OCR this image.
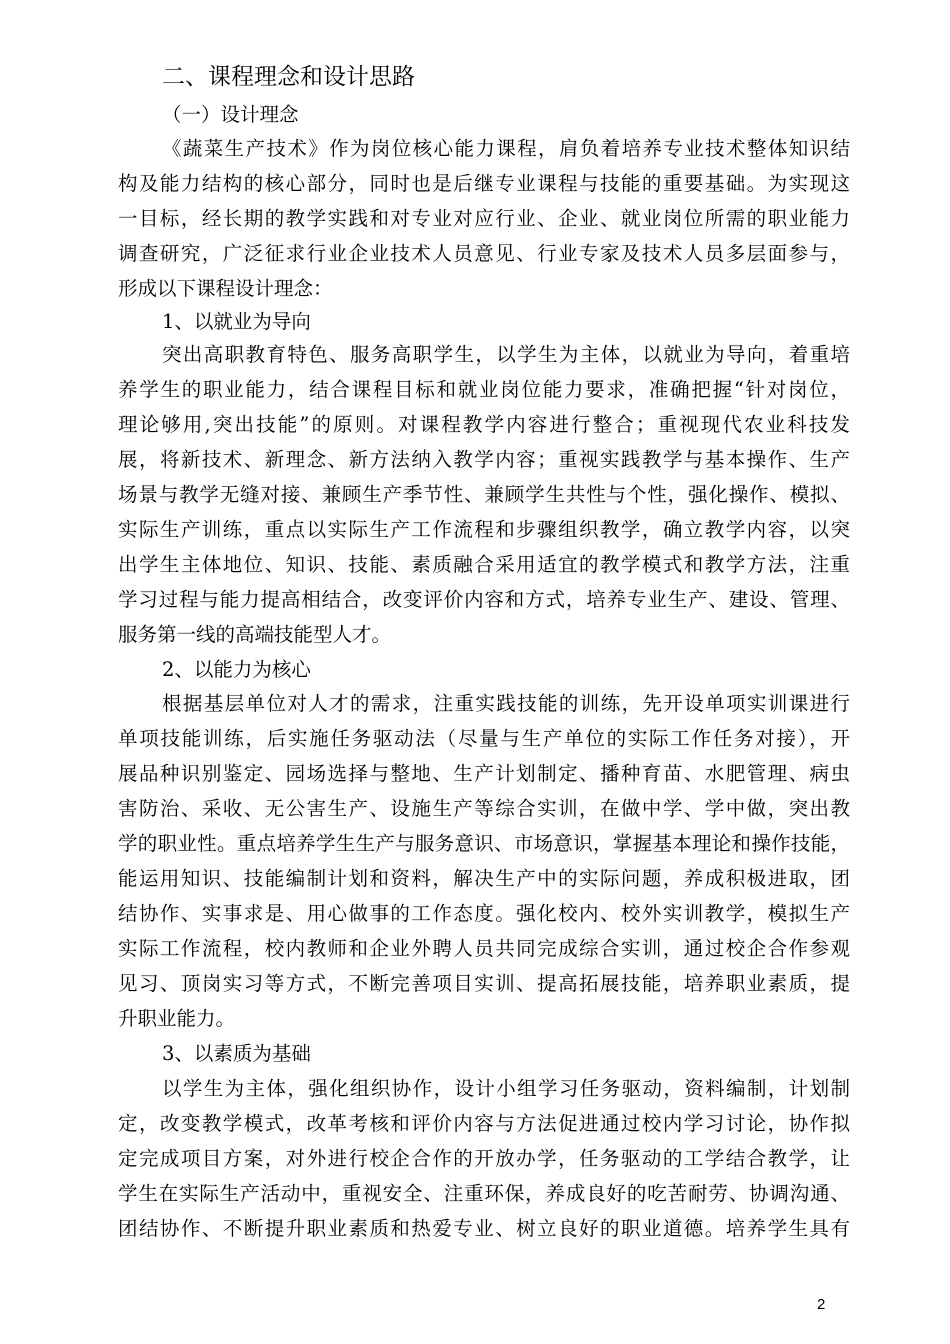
二、课程理念和设计思路
（一）设计理念
《蔬菜生产技术》作为岗位核心能力课程，肩负着培养专业技术整体知识结
构及能力结构的核心部分，同时也是后继专业课程与技能的重要基础。为实现这
一目标，经长期的教学实践和对专业对应行业、企业、就业岗位所需的职业能力
调查研究，广泛征求行业企业技术人员意见、行业专家及技术人员多层面参与，
形成以下课程设计理念：
1、以就业为导向
突出高职教育特色、服务高职学生，以学生为主体，以就业为导向，着重培
养学生的职业能力，结合课程目标和就业岗位能力要求，准确把握“针对岗位，
理论够用,突出技能”的原则。对课程教学内容进行整合；重视现代农业科技发
展，将新技术、新理念、新方法纳入教学内容；重视实践教学与基本操作、生产
场景与教学无缝对接、兼顾生产季节性、兼顾学生共性与个性，强化操作、模拟、
实际生产训练，重点以实际生产工作流程和步骤组织教学，确立教学内容，以突
出学生主体地位、知识、技能、素质融合采用适宜的教学模式和教学方法，注重
学习过程与能力提高相结合，改变评价内容和方式，培养专业生产、建设、管理、
服务第一线的高端技能型人才。
2、以能力为核心
根据基层单位对人才的需求，注重实践技能的训练，先开设单项实训课进行
单项技能训练，后实施任务驱动法（尽量与生产单位的实际工作任务对接），开
展品种识别鉴定、园场选择与整地、生产计划制定、播种育苗、水肥管理、病虫
害防治、采收、无公害生产、设施生产等综合实训，在做中学、学中做，突出教
学的职业性。重点培养学生生产与服务意识、市场意识，掌握基本理论和操作技能，
能运用知识、技能编制计划和资料，解决生产中的实际问题，养成积极进取，团
结协作、实事求是、用心做事的工作态度。强化校内、校外实训教学，模拟生产
实际工作流程，校内教师和企业外聘人员共同完成综合实训，通过校企合作参观
见习、顶岗实习等方式，不断完善项目实训、提高拓展技能，培养职业素质，提
升职业能力。
3、以素质为基础
以学生为主体，强化组织协作，设计小组学习任务驱动，资料编制，计划制
定，改变教学模式，改革考核和评价内容与方法促进通过校内学习讨论，协作拟
定完成项目方案，对外进行校企合作的开放办学，任务驱动的工学结合教学，让
学生在实际生产活动中，重视安全、注重环保，养成良好的吃苦耐劳、协调沟通、
团结协作、不断提升职业素质和热爱专业、树立良好的职业道德。培养学生具有
2
